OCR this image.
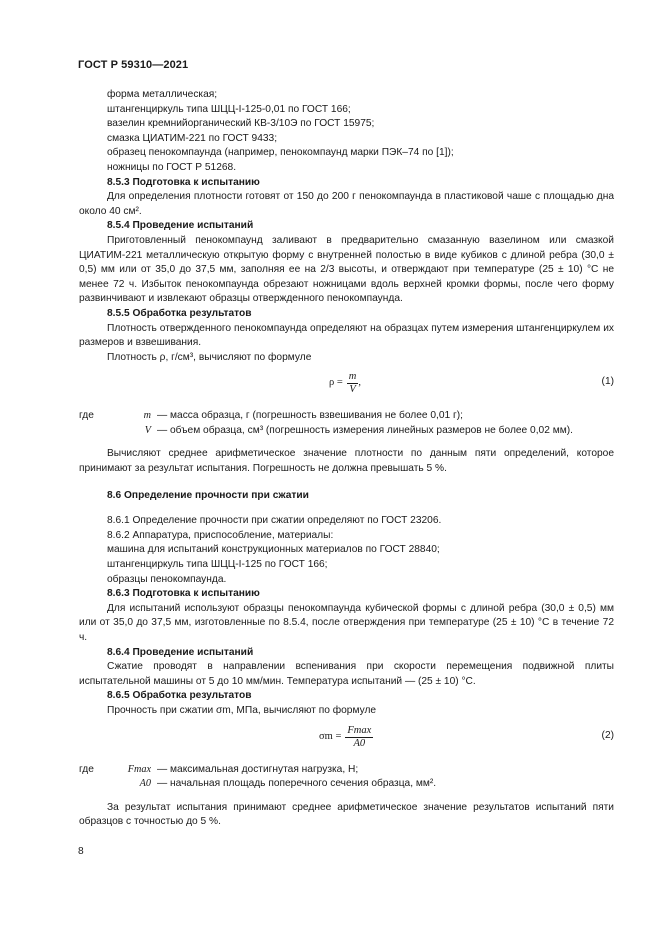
ГОСТ Р 59310—2021

форма металлическая;

штангенциркуль типа ШЦЦ-I-125-0,01 по ГОСТ 166;

вазелин кремнийорганический КВ-3/10Э по ГОСТ 15975;

смазка ЦИАТИМ-221 по ГОСТ 9433;

образец пенокомпаунда (например, пенокомпаунд марки ПЭК–74 по [1]);

ножницы по ГОСТ Р 51268.

8.5.3 Подготовка к испытанию

Для определения плотности готовят от 150 до 200 г пенокомпаунда в пластиковой чаше с площадью дна около 40 см².

8.5.4 Проведение испытаний

Приготовленный пенокомпаунд заливают в предварительно смазанную вазелином или смазкой ЦИАТИМ-221 металлическую открытую форму с внутренней полостью в виде кубиков с длиной ребра (30,0 ± 0,5) мм или от 35,0 до 37,5 мм, заполняя ее на 2/3 высоты, и отверждают при температуре (25 ± 10) °С не менее 72 ч. Избыток пенокомпаунда обрезают ножницами вдоль верхней кромки формы, после чего форму развинчивают и извлекают образцы отвержденного пенокомпаунда.

8.5.5 Обработка результатов

Плотность отвержденного пенокомпаунда определяют на образцах путем измерения штангенциркулем их размеров и взвешивания.

Плотность ρ, г/см³, вычисляют по формуле

$\rho = \frac{m}{V}$ ,	(1)
где	m — масса образца, г (погрешность взвешивания не более 0,01 г);
V — объем образца, см³ (погрешность измерения линейных размеров не более 0,02 мм).

Вычисляют среднее арифметическое значение плотности по данным пяти определений, которое принимают за результат испытания. Погрешность не должна превышать 5 %.

8.6 Определение прочности при сжатии

8.6.1 Определение прочности при сжатии определяют по ГОСТ 23206.

8.6.2 Аппаратура, приспособление, материалы:

машина для испытаний конструкционных материалов по ГОСТ 28840;

штангенциркуль типа ШЦЦ-I-125 по ГОСТ 166;

образцы пенокомпаунда.

8.6.3 Подготовка к испытанию

Для испытаний используют образцы пенокомпаунда кубической формы с длиной ребра (30,0 ± 0,5) мм или от 35,0 до 37,5 мм, изготовленные по 8.5.4, после отверждения при температуре (25 ± 10) °С в течение 72 ч.

8.6.4 Проведение испытаний

Сжатие проводят в направлении вспенивания при скорости перемещения подвижной плиты испытательной машины от 5 до 10 мм/мин. Температура испытаний — (25 ± 10) °С.

8.6.5 Обработка результатов

Прочность при сжатии σm, МПа, вычисляют по формуле

$\sigma m = \frac{Fmax}{A0}$	(2)
где	Fmax — максимальная достигнутая нагрузка, Н;
A0 — начальная площадь поперечного сечения образца, мм².

За результат испытания принимают среднее арифметическое значение результатов испытаний пяти образцов с точностью до 5 %.

8
